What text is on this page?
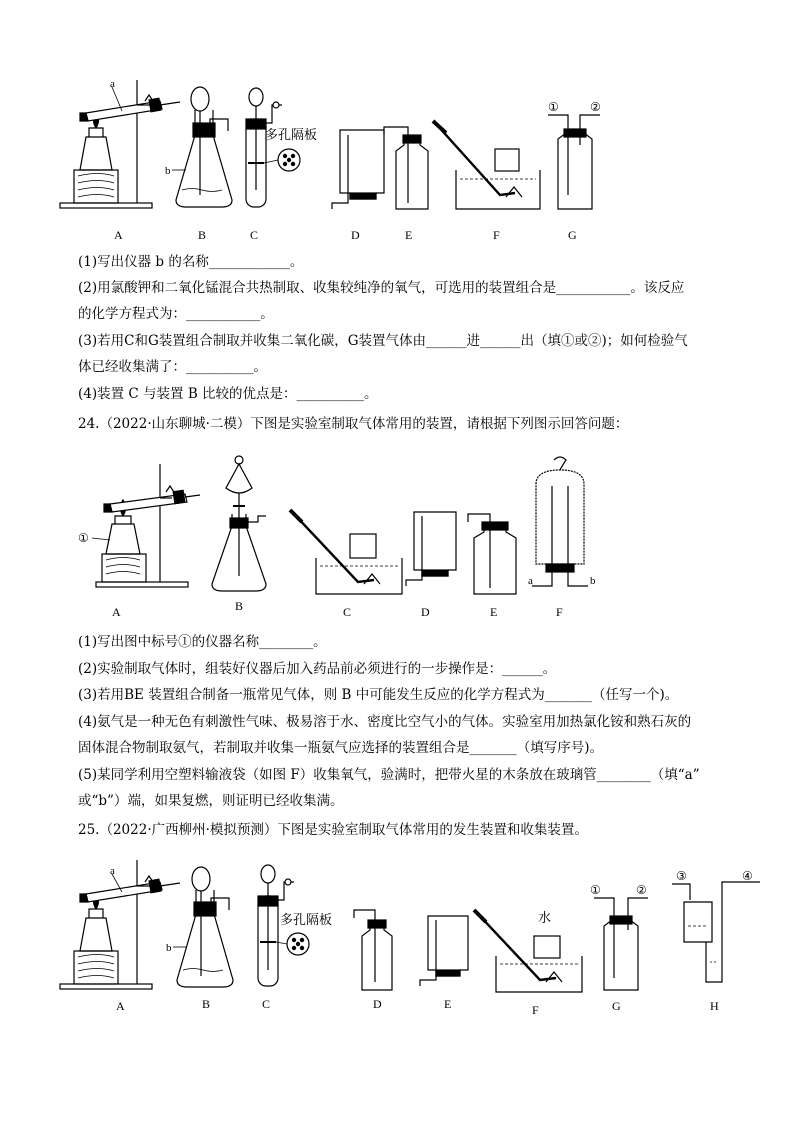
a
b
多孔隔板
①	②
A	B	C	D	E	F	G
(1)写出仪器 b 的名称____________。
(2)用氯酸钾和二氧化锰混合共热制取、收集较纯净的氧气，可选用的装置组合是___________。该反应
的化学方程式为：___________。
(3)若用C和G装置组合制取并收集二氧化碳，G装置气体由______进______出（填①或②)；如何检验气
体已经收集满了：__________。
(4)装置 C 与装置 B 比较的优点是：__________。
24.（2022·山东聊城·二模）下图是实验室制取气体常用的装置，请根据下列图示回答问题：
①
a	b
A	B	C	D	E	F
(1)写出图中标号①的仪器名称________。
(2)实验制取气体时，组装好仪器后加入药品前必须进行的一步操作是：______。
(3)若用BE 装置组合制备一瓶常见气体，则 B 中可能发生反应的化学方程式为_______（任写一个)。
(4)氨气是一种无色有刺激性气味、极易溶于水、密度比空气小的气体。实验室用加热氯化铵和熟石灰的
固体混合物制取氨气，若制取并收集一瓶氨气应选择的装置组合是_______（填写序号)。
(5)某同学利用空塑料输液袋（如图 F）收集氧气，验满时，把带火星的木条放在玻璃管________（填“a”
或“b”）端，如果复燃，则证明已经收集满。
25.（2022·广西柳州·模拟预测）下图是实验室制取气体常用的发生装置和收集装置。
a
b
多孔隔板	水
①	②
③	④
A	B	C	D	E	F	G	H
